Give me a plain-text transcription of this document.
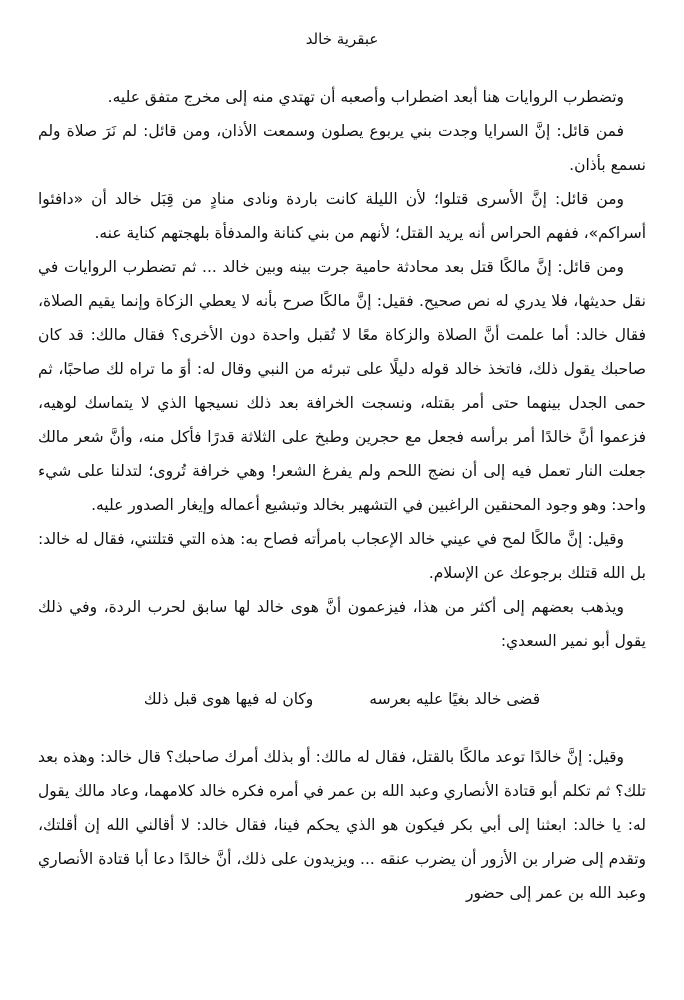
عبقرية خالد

وتضطرب الروايات هنا أبعد اضطراب وأصعبه أن تهتدي منه إلى مخرج متفق عليه.

فمن قائل: إنَّ السرايا وجدت بني يربوع يصلون وسمعت الأذان، ومن قائل: لم نَرَ صلاة ولم نسمع بأذان.

ومن قائل: إنَّ الأسرى قتلوا؛ لأن الليلة كانت باردة ونادى منادٍ من قِبَل خالد أن «دافئوا أسراكم»، ففهم الحراس أنه يريد القتل؛ لأنهم من بني كنانة والمدفأة بلهجتهم كناية عنه.

ومن قائل: إنَّ مالكًا قتل بعد محادثة حامية جرت بينه وبين خالد ... ثم تضطرب الروايات في نقل حديثها، فلا يدري له نص صحيح. فقيل: إنَّ مالكًا صرح بأنه لا يعطي الزكاة وإنما يقيم الصلاة، فقال خالد: أما علمت أنَّ الصلاة والزكاة معًا لا تُقبل واحدة دون الأخرى؟ فقال مالك: قد كان صاحبك يقول ذلك، فاتخذ خالد قوله دليلًا على تبرئه من النبي وقال له: أوَ ما تراه لك صاحبًا، ثم حمى الجدل بينهما حتى أمر بقتله، ونسجت الخرافة بعد ذلك نسيجها الذي لا يتماسك لوهيه، فزعموا أنَّ خالدًا أمر برأسه فجعل مع حجرين وطبخ على الثلاثة قدرًا فأكل منه، وأنَّ شعر مالك جعلت النار تعمل فيه إلى أن نضج اللحم ولم يفرغ الشعر! وهي خرافة تُروى؛ لتدلنا على شيء واحد: وهو وجود المحنقين الراغبين في التشهير بخالد وتبشيع أعماله وإيغار الصدور عليه.

وقيل: إنَّ مالكًا لمح في عيني خالد الإعجاب بامرأته فصاح به: هذه التي قتلتني، فقال له خالد: بل الله قتلك برجوعك عن الإسلام.

ويذهب بعضهم إلى أكثر من هذا، فيزعمون أنَّ هوى خالد لها سابق لحرب الردة، وفي ذلك يقول أبو نمير السعدي:

قضى خالد بغيًا عليه بعرسه
وكان له فيها هوى قبل ذلك

وقيل: إنَّ خالدًا توعد مالكًا بالقتل، فقال له مالك: أو بذلك أمرك صاحبك؟ قال خالد: وهذه بعد تلك؟ ثم تكلم أبو قتادة الأنصاري وعبد الله بن عمر في أمره فكره خالد كلامهما، وعاد مالك يقول له: يا خالد: ابعثنا إلى أبي بكر فيكون هو الذي يحكم فينا، فقال خالد: لا أقالني الله إن أقلتك، وتقدم إلى ضرار بن الأزور أن يضرب عنقه ... ويزيدون على ذلك، أنَّ خالدًا دعا أبا قتادة الأنصاري وعبد الله بن عمر إلى حضور
